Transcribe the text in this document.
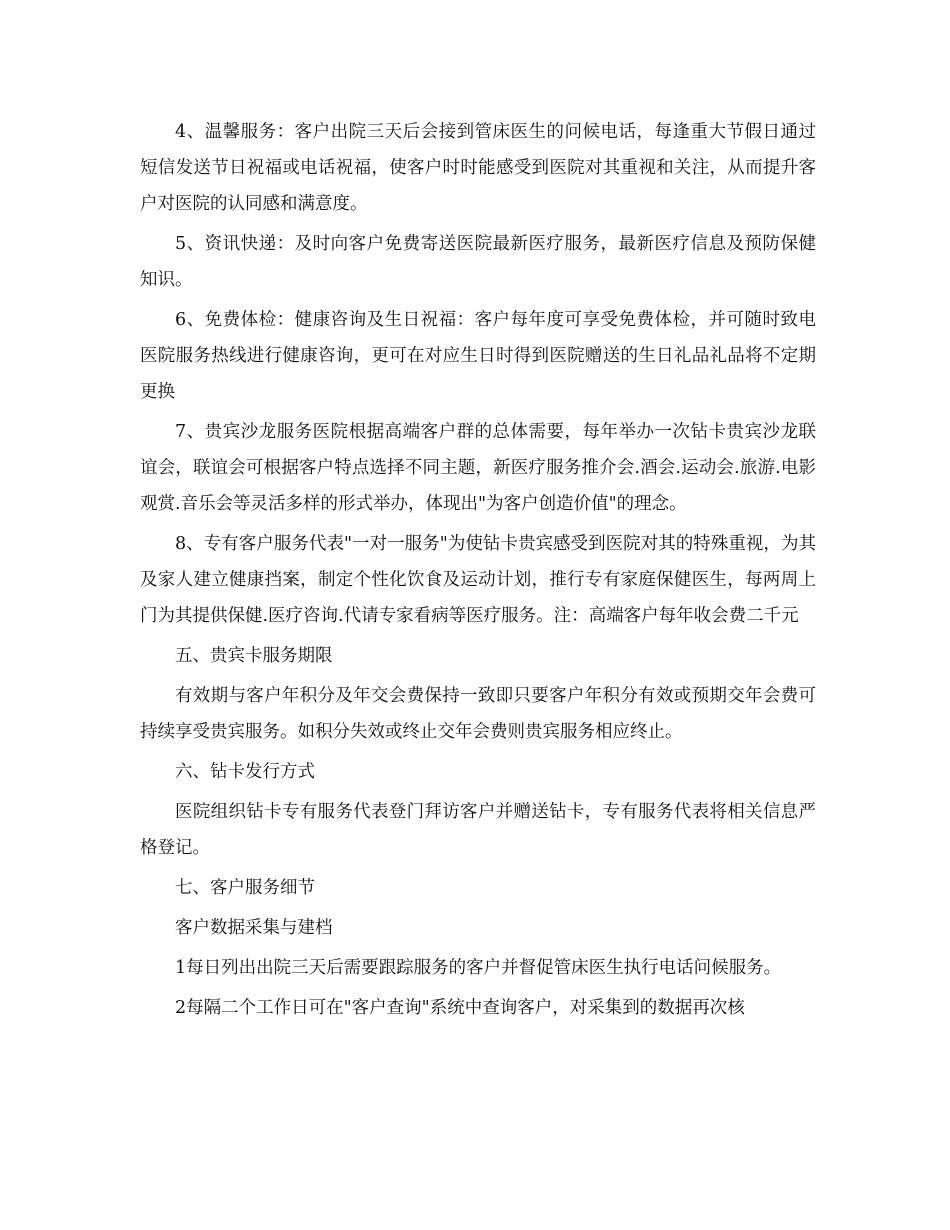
4、温馨服务：客户出院三天后会接到管床医生的问候电话，每逢重大节假日通过短信发送节日祝福或电话祝福，使客户时时能感受到医院对其重视和关注，从而提升客户对医院的认同感和满意度。

5、资讯快递：及时向客户免费寄送医院最新医疗服务，最新医疗信息及预防保健知识。

6、免费体检：健康咨询及生日祝福：客户每年度可享受免费体检，并可随时致电医院服务热线进行健康咨询，更可在对应生日时得到医院赠送的生日礼品礼品将不定期更换

7、贵宾沙龙服务医院根据高端客户群的总体需要，每年举办一次钻卡贵宾沙龙联谊会，联谊会可根据客户特点选择不同主题，新医疗服务推介会.酒会.运动会.旅游.电影观赏.音乐会等灵活多样的形式举办，体现出"为客户创造价值"的理念。

8、专有客户服务代表"一对一服务"为使钻卡贵宾感受到医院对其的特殊重视，为其及家人建立健康挡案，制定个性化饮食及运动计划，推行专有家庭保健医生，每两周上门为其提供保健.医疗咨询.代请专家看病等医疗服务。注：高端客户每年收会费二千元

五、贵宾卡服务期限

有效期与客户年积分及年交会费保持一致即只要客户年积分有效或预期交年会费可持续享受贵宾服务。如积分失效或终止交年会费则贵宾服务相应终止。

六、钻卡发行方式

医院组织钻卡专有服务代表登门拜访客户并赠送钻卡，专有服务代表将相关信息严格登记。

七、客户服务细节

客户数据采集与建档

1每日列出出院三天后需要跟踪服务的客户并督促管床医生执行电话问候服务。

2每隔二个工作日可在"客户查询"系统中查询客户，对采集到的数据再次核
